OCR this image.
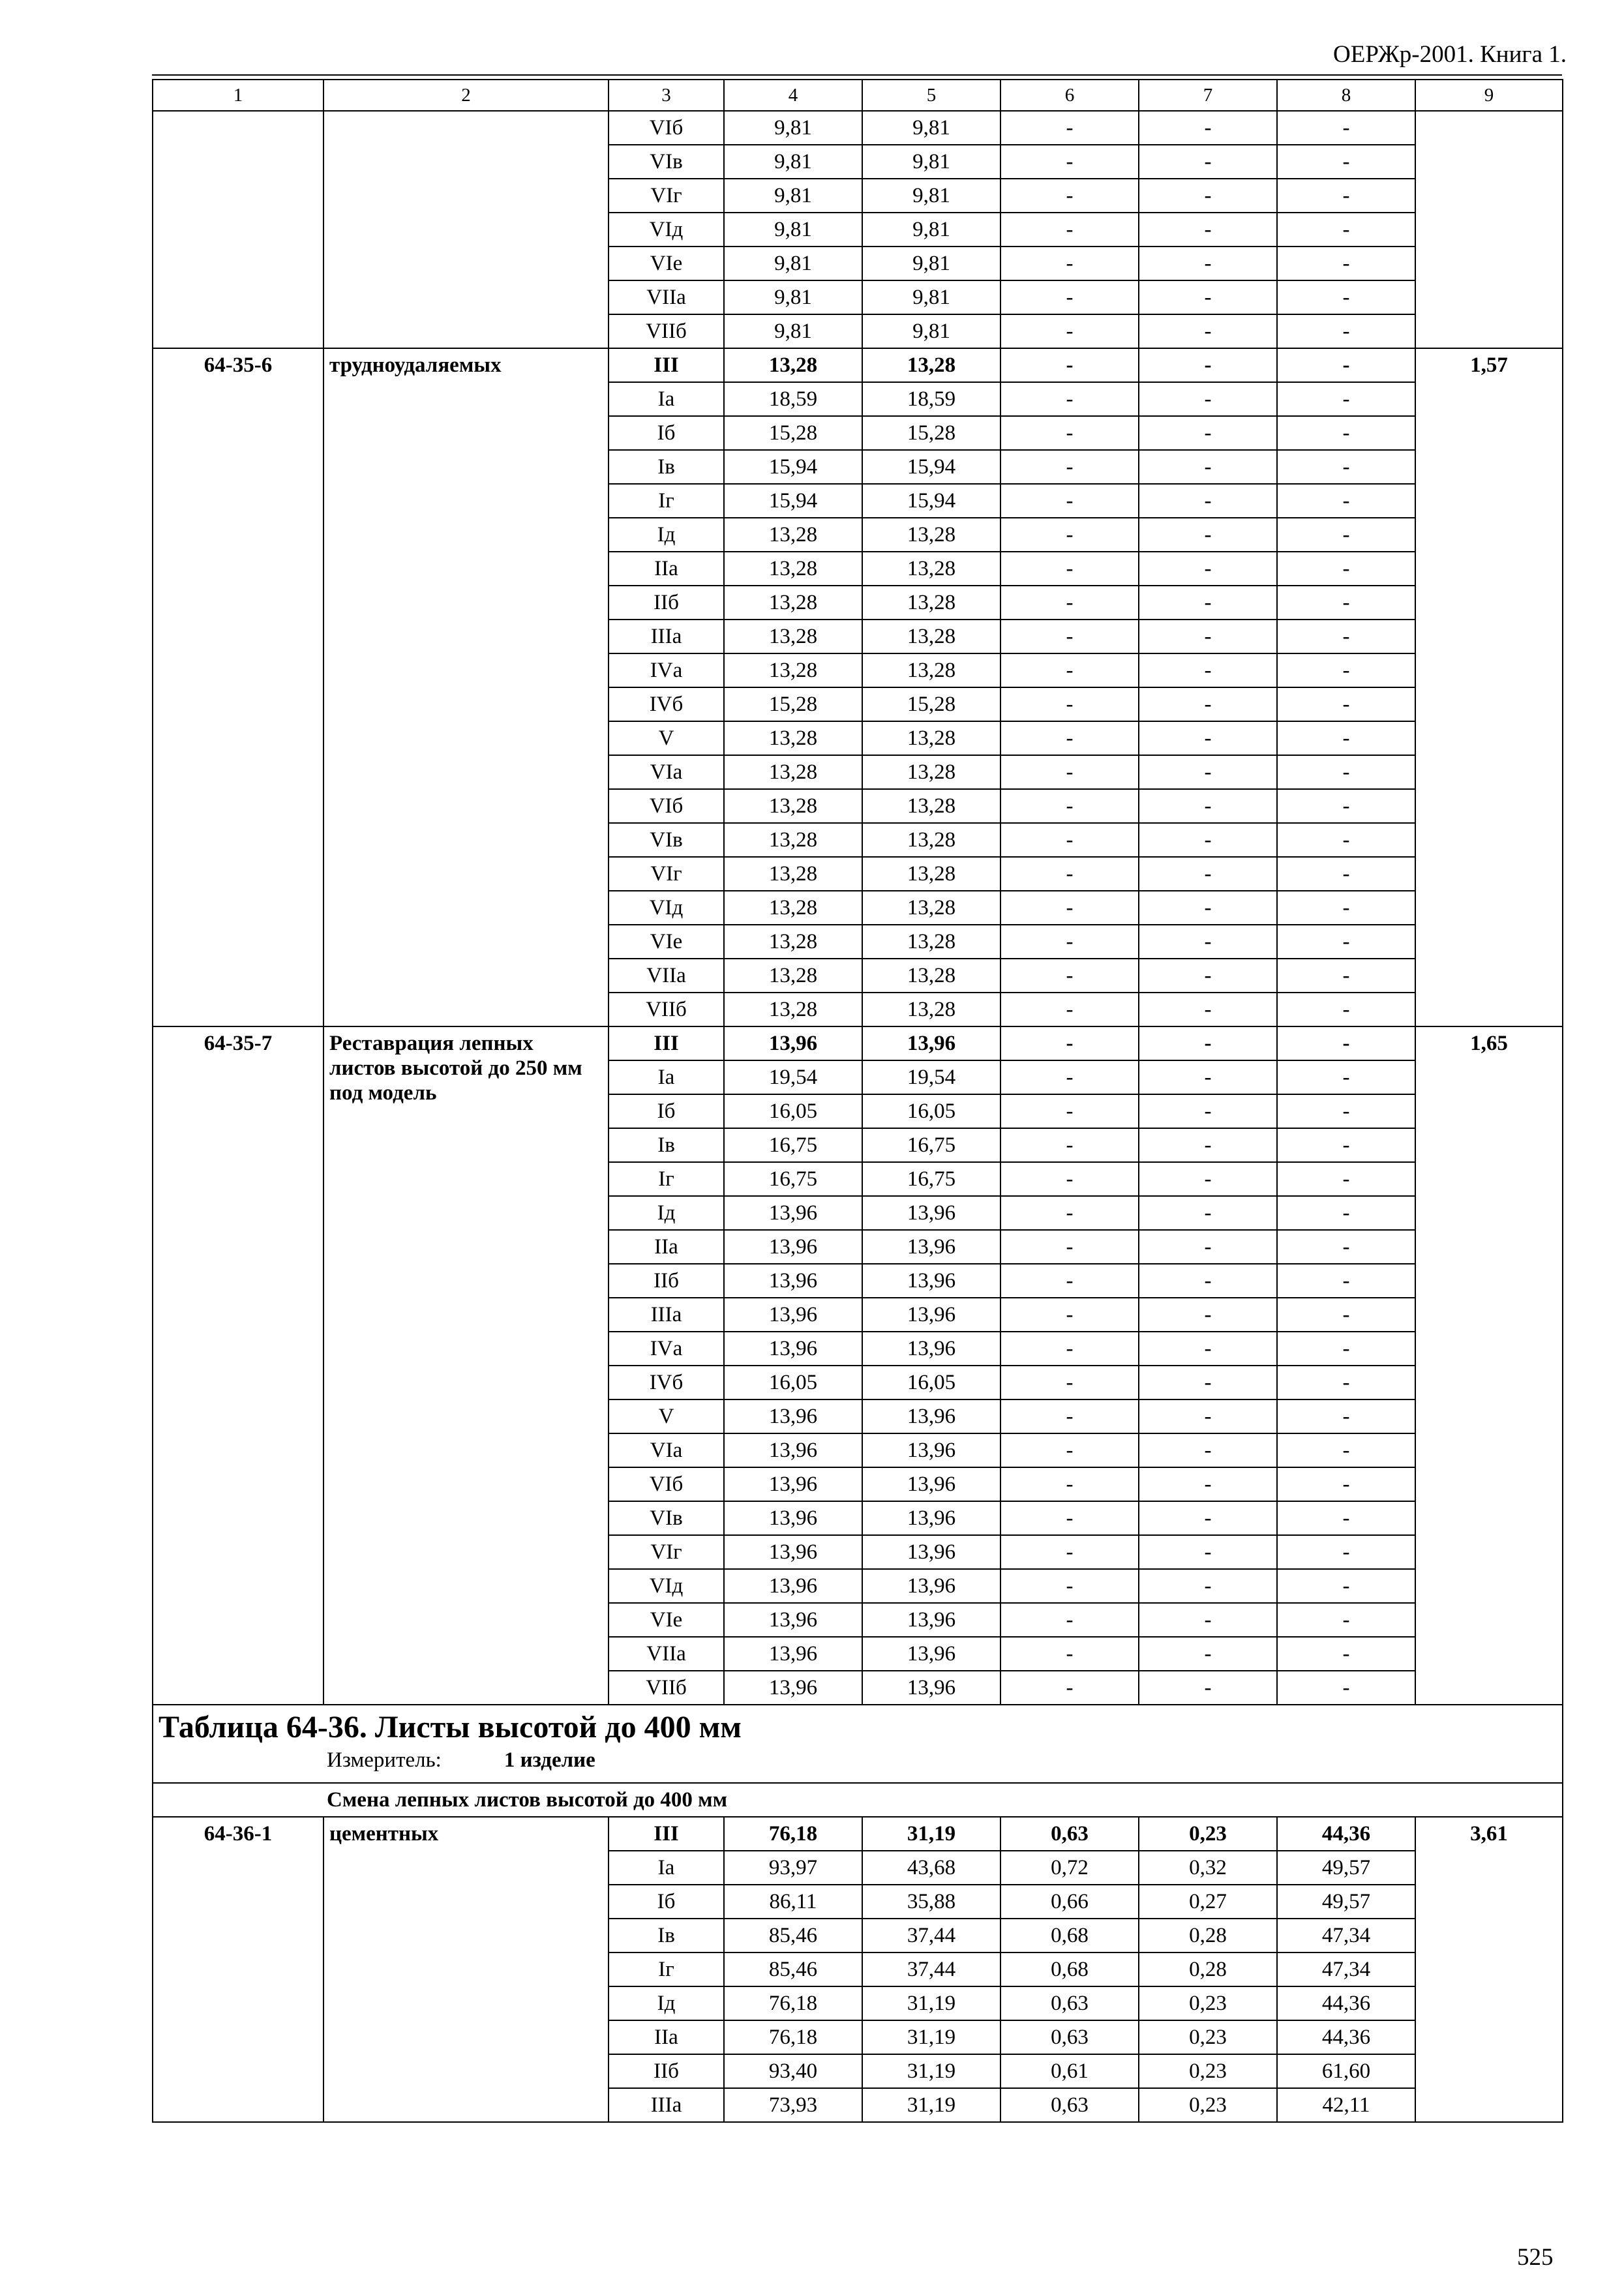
ОЕРЖр-2001. Книга 1.
1	2	3	4	5	6	7	8	9
		VIб	9,81	9,81	-	-	-	
		VIв	9,81	9,81	-	-	-	
		VIг	9,81	9,81	-	-	-	
		VIд	9,81	9,81	-	-	-	
		VIе	9,81	9,81	-	-	-	
		VIIа	9,81	9,81	-	-	-	
		VIIб	9,81	9,81	-	-	-	
64-35-6	трудноудаляемых	III	13,28	13,28	-	-	-	1,57
		Iа	18,59	18,59	-	-	-	
		Iб	15,28	15,28	-	-	-	
		Iв	15,94	15,94	-	-	-	
		Iг	15,94	15,94	-	-	-	
		Iд	13,28	13,28	-	-	-	
		IIа	13,28	13,28	-	-	-	
		IIб	13,28	13,28	-	-	-	
		IIIа	13,28	13,28	-	-	-	
		IVа	13,28	13,28	-	-	-	
		IVб	15,28	15,28	-	-	-	
		V	13,28	13,28	-	-	-	
		VIа	13,28	13,28	-	-	-	
		VIб	13,28	13,28	-	-	-	
		VIв	13,28	13,28	-	-	-	
		VIг	13,28	13,28	-	-	-	
		VIд	13,28	13,28	-	-	-	
		VIе	13,28	13,28	-	-	-	
		VIIа	13,28	13,28	-	-	-	
		VIIб	13,28	13,28	-	-	-	
64-35-7	Реставрация лепных листов высотой до 250 мм под модель	III	13,96	13,96	-	-	-	1,65
		Iа	19,54	19,54	-	-	-	
		Iб	16,05	16,05	-	-	-	
		Iв	16,75	16,75	-	-	-	
		Iг	16,75	16,75	-	-	-	
		Iд	13,96	13,96	-	-	-	
		IIа	13,96	13,96	-	-	-	
		IIб	13,96	13,96	-	-	-	
		IIIа	13,96	13,96	-	-	-	
		IVа	13,96	13,96	-	-	-	
		IVб	16,05	16,05	-	-	-	
		V	13,96	13,96	-	-	-	
		VIа	13,96	13,96	-	-	-	
		VIб	13,96	13,96	-	-	-	
		VIв	13,96	13,96	-	-	-	
		VIг	13,96	13,96	-	-	-	
		VIд	13,96	13,96	-	-	-	
		VIе	13,96	13,96	-	-	-	
		VIIа	13,96	13,96	-	-	-	
		VIIб	13,96	13,96	-	-	-	

Таблица 64-36. Листы высотой до 400 мм
Измеритель: 1 изделие								

Смена лепных листов высотой до 400 мм								
64-36-1	цементных	III	76,18	31,19	0,63	0,23	44,36	3,61
		Iа	93,97	43,68	0,72	0,32	49,57	
		Iб	86,11	35,88	0,66	0,27	49,57	
		Iв	85,46	37,44	0,68	0,28	47,34	
		Iг	85,46	37,44	0,68	0,28	47,34	
		Iд	76,18	31,19	0,63	0,23	44,36	
		IIа	76,18	31,19	0,63	0,23	44,36	
		IIб	93,40	31,19	0,61	0,23	61,60	
		IIIа	73,93	31,19	0,63	0,23	42,11	
525
